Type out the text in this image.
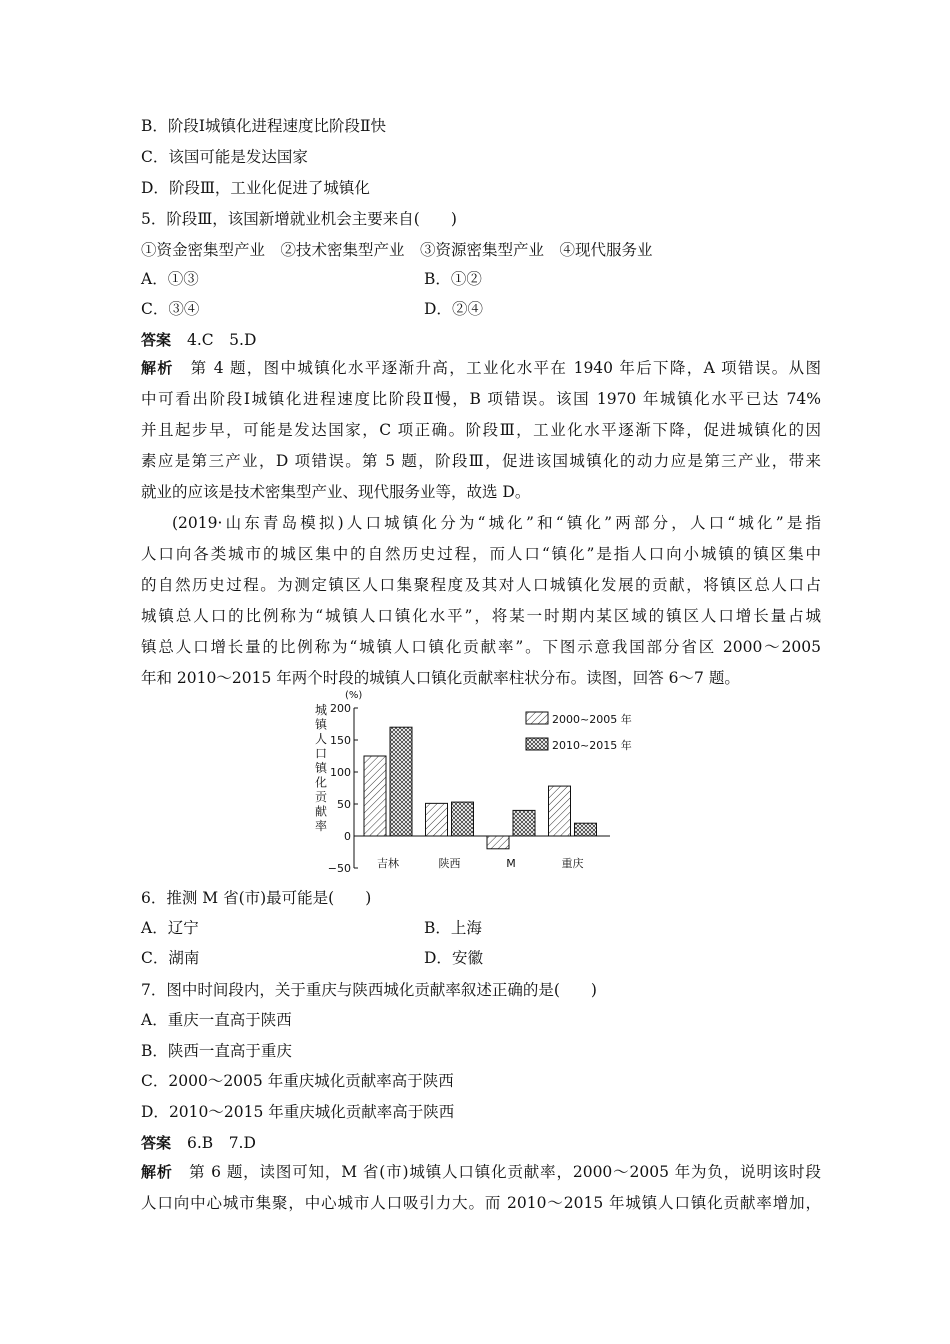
B．阶段Ⅰ城镇化进程速度比阶段Ⅱ快
C．该国可能是发达国家
D．阶段Ⅲ，工业化促进了城镇化
5．阶段Ⅲ，该国新增就业机会主要来自(　　)
①资金密集型产业　②技术密集型产业　③资源密集型产业　④现代服务业
A．①③	B．①②
C．③④	D．②④
答案 4.C　5.D
解析　 第 4 题，图中城镇化水平逐渐升高，工业化水平在 1940 年后下降，A 项错误。从图
中可看出阶段Ⅰ城镇化进程速度比阶段Ⅱ慢，B 项错误。该国 1970 年城镇化水平已达 74%
并且起步早，可能是发达国家，C 项正确。阶段Ⅲ，工业化水平逐渐下降，促进城镇化的因
素应是第三产业，D 项错误。第 5 题，阶段Ⅲ，促进该国城镇化的动力应是第三产业，带来
就业的应该是技术密集型产业、现代服务业等，故选 D。
(2019·山东青岛模拟)人口城镇化分为“城化”和“镇化”两部分，人口“城化”是指
人口向各类城市的城区集中的自然历史过程，而人口“镇化”是指人口向小城镇的镇区集中
的自然历史过程。为测定镇区人口集聚程度及其对人口城镇化发展的贡献，将镇区总人口占
城镇总人口的比例称为“城镇人口镇化水平”，将某一时期内某区域的镇区人口增长量占城
镇总人口增长量的比例称为“城镇人口镇化贡献率”。下图示意我国部分省区 2000～2005
年和 2010～2015 年两个时段的城镇人口镇化贡献率柱状分布。读图，回答 6～7 题。
(%)
城
镇
人
口
镇
化
贡
献
率
200
150
100
50
0
−50 吉林	陕西	M	重庆
2000~2005 年
2010~2015 年
6．推测 M 省(市)最可能是(　　)
A．辽宁	B．上海
C．湖南	D．安徽
7．图中时间段内，关于重庆与陕西城化贡献率叙述正确的是(　　)
A．重庆一直高于陕西
B．陕西一直高于重庆
C．2000～2005 年重庆城化贡献率高于陕西
D．2010～2015 年重庆城化贡献率高于陕西
答案 6.B　7.D
解析　 第 6 题，读图可知，M 省(市)城镇人口镇化贡献率，2000～2005 年为负，说明该时段
人口向中心城市集聚，中心城市人口吸引力大。而 2010～2015 年城镇人口镇化贡献率增加，
